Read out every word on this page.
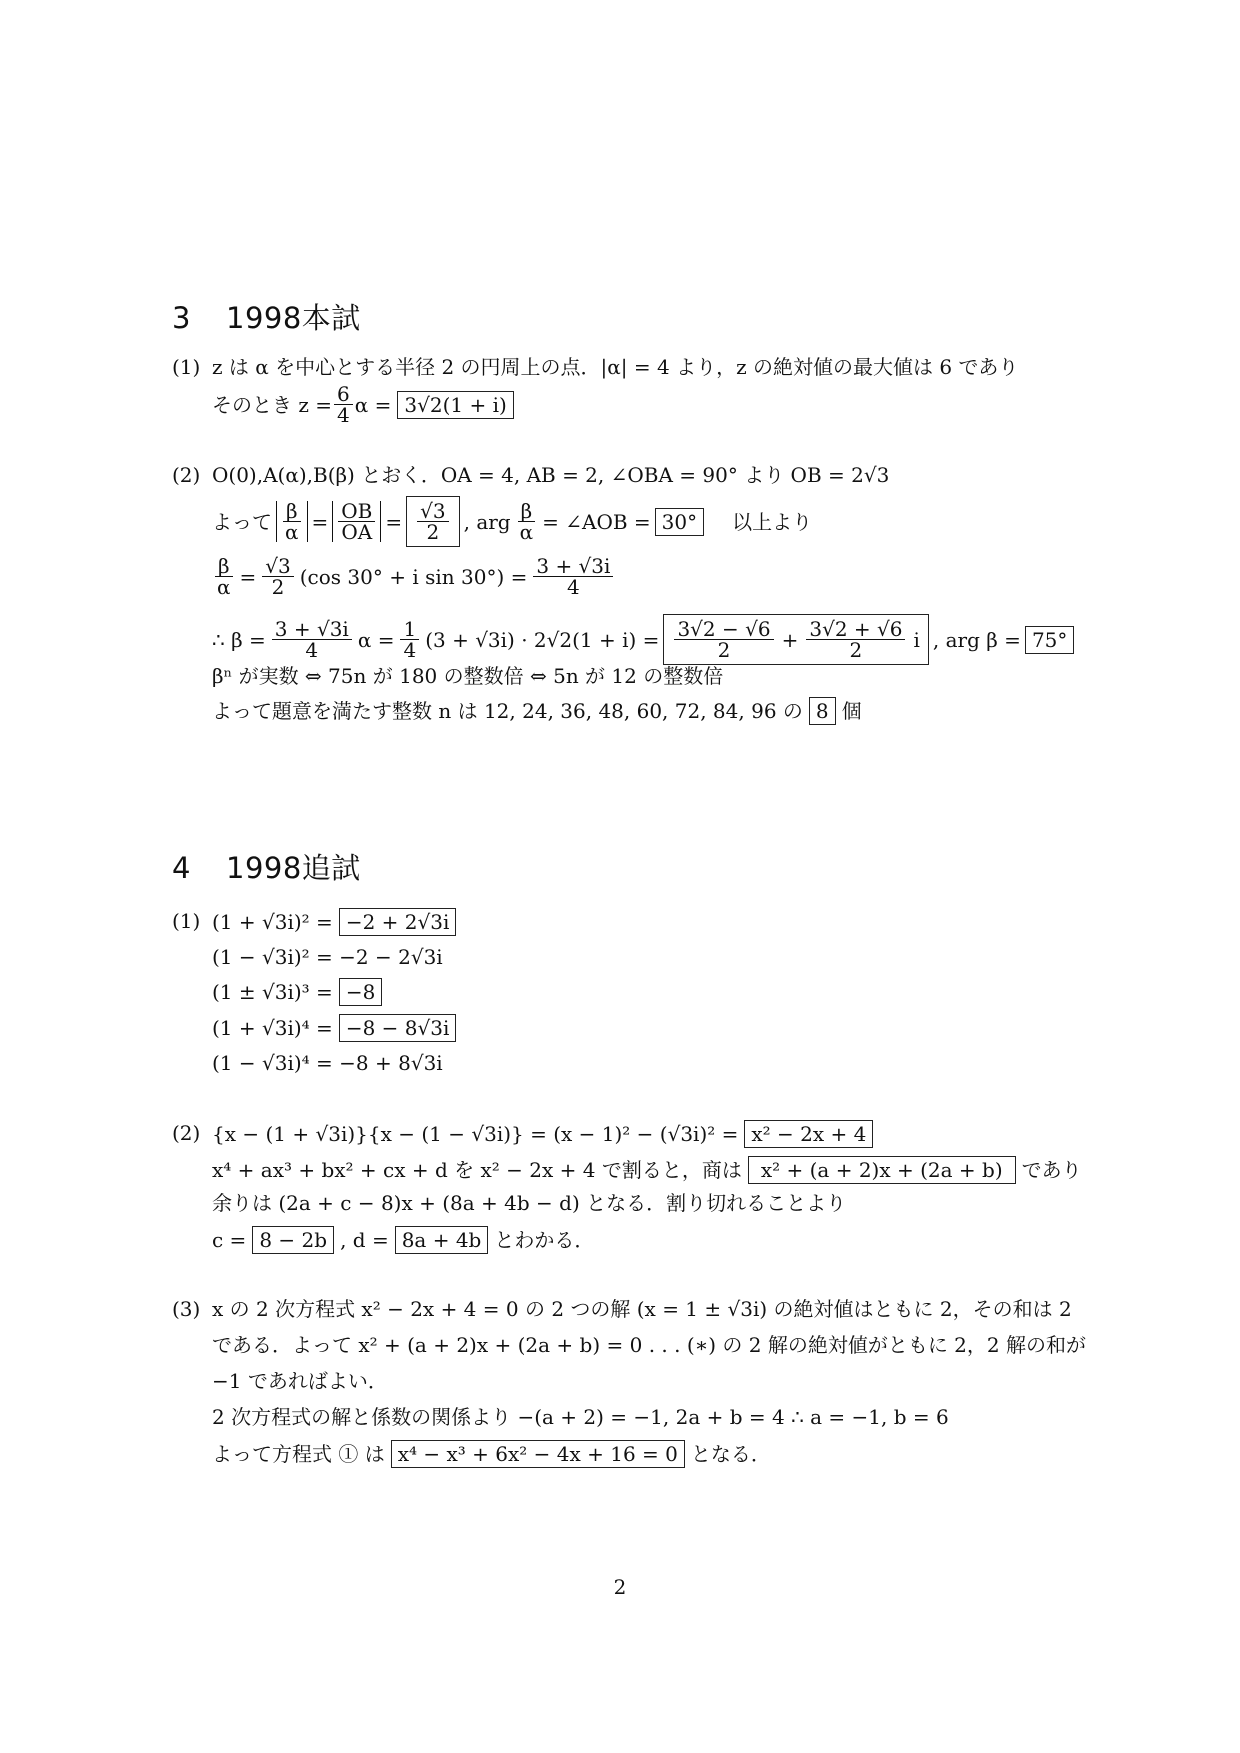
3 1998本試
(1) z は α を中心とする半径 2 の円周上の点．|α| = 4 より，z の絶対値の最大値は 6 であり
そのとき $z = \frac{6}{4}$ α = 3√2(1 + i)
(2) O(0),A(α),B(β) とおく．OA = 4, AB = 2, ∠OBA = 90° より OB = 2√3
よって $\frac{\beta}{\alpha} = \frac{OB}{OA} = \frac{√3}{2}$ , arg $\frac{\beta}{\alpha}$ = ∠AOB = 30°	以上より
$\frac{\beta}{\alpha} = \frac{√3}{2} (\cos$ 30° + i $\sin 30^\circ) = \frac{3 + √3i}{4}$
∴ $\beta = \frac{3 + √3i}{4}$ $\alpha = \frac{1}{4} (3 + √3i) \cdot 2√2(1 + i) = \frac{3√2 - √6}{2} + \frac{3√2 + √6}{2}$ i , arg β = 75°
βⁿ が実数 ⇔ 75n が 180 の整数倍 ⇔ 5n が 12 の整数倍
よって題意を満たす整数 n は 12, 24, 36, 48, 60, 72, 84, 96 の 8 個
4 1998追試
(1) (1 + √3i)² = −2 + 2√3i
(1 − √3i)² = −2 − 2√3i
(1 ± √3i)³ = −8
(1 + √3i)⁴ = −8 − 8√3i
(1 − √3i)⁴ = −8 + 8√3i
(2) {x − (1 + √3i)}{x − (1 − √3i)} = (x − 1)² − (√3i)² = x² − 2x + 4
x⁴ + ax³ + bx² + cx + d を x² − 2x + 4 で割ると，商は x² + (a + 2)x + (2a + b) であり
余りは (2a + c − 8)x + (8a + 4b − d) となる．割り切れることより
c = 8 − 2b , d = 8a + 4b とわかる．
(3) x の 2 次方程式 x² − 2x + 4 = 0 の 2 つの解 (x = 1 ± √3i) の絶対値はともに 2，その和は 2
である．よって x² + (a + 2)x + (2a + b) = 0 . . . (∗) の 2 解の絶対値がともに 2，2 解の和が
−1 であればよい．
2 次方程式の解と係数の関係より −(a + 2) = −1, 2a + b = 4 ∴ a = −1, b = 6
よって方程式 ① は x⁴ − x³ + 6x² − 4x + 16 = 0 となる．
2
